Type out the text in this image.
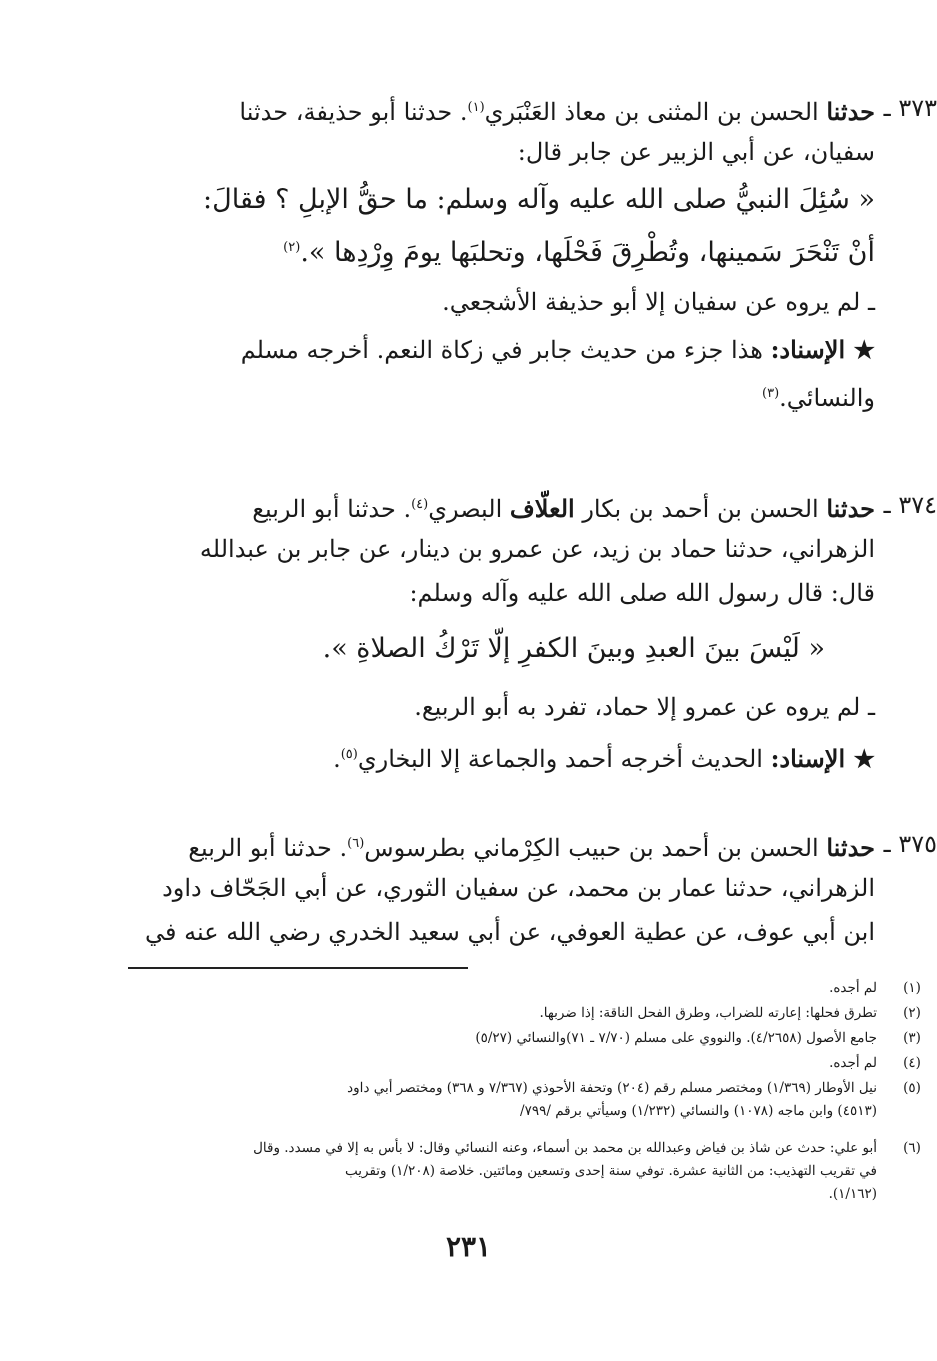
٣٧٣ ـ
حدثنا الحسن بن المثنى بن معاذ العَنْبَري$^{(١)}$. حدثنا أبو حذيفة، حدثنا
سفيان، عن أبي الزبير عن جابر قال:
« سُئِلَ النبيُّ صلى الله عليه وآله وسلم: ما حقُّ الإبلِ ؟ فقالَ:
أنْ تَنْحَرَ سَمينها، وتُطْرِقَ فَحْلَها، وتحلبَها يومَ وِرْدِها ».$^{(٢)}$
ـ لم يروه عن سفيان إلا أبو حذيفة الأشجعي.
★ الإسناد: هذا جزء من حديث جابر في زكاة النعم. أخرجه مسلم
والنسائي.$^{(٣)}$
٣٧٤ ـ
حدثنا الحسن بن أحمد بن بكار العلّاف البصري$^{(٤)}$. حدثنا أبو الربيع
الزهراني، حدثنا حماد بن زيد، عن عمرو بن دينار، عن جابر بن عبدالله
قال: قال رسول الله صلى الله عليه وآله وسلم:
« لَيْسَ بينَ العبدِ وبينَ الكفرِ إلّا تَرْكُ الصلاةِ ».
ـ لم يروه عن عمرو إلا حماد، تفرد به أبو الربيع.
★ الإسناد: الحديث أخرجه أحمد والجماعة إلا البخاري$^{(٥)}$.
٣٧٥ ـ
حدثنا الحسن بن أحمد بن حبيب الكِرْماني بطرسوس$^{(٦)}$. حدثنا أبو الربيع
الزهراني، حدثنا عمار بن محمد، عن سفيان الثوري، عن أبي الجَحّاف داود
ابن أبي عوف، عن عطية العوفي، عن أبي سعيد الخدري رضي الله عنه في
(١)
لم أجده.
(٢)
تطرق فحلها: إعارته للضراب، وطرق الفحل الناقة: إذا ضربها.
(٣)
جامع الأصول (٤/٢٦٥٨). والنووي على مسلم (٧/٧٠ ـ ٧١)والنسائي (٥/٢٧)
(٤)
لم أجده.
(٥)
نيل الأوطار (١/٣٦٩) ومختصر مسلم رقم (٢٠٤) وتحفة الأحوذي (٧/٣٦٧ و ٣٦٨) ومختصر أبي داود
(٤٥١٣) وابن ماجه (١٠٧٨) والنسائي (١/٢٣٢) وسيأتي برقم /٧٩٩/
(٦)
أبو علي: حدث عن شاذ بن فياض وعبدالله بن محمد بن أسماء، وعنه النسائي وقال: لا بأس به إلا في مسدد. وقال
في تقريب التهذيب: من الثانية عشرة. توفي سنة إحدى وتسعين ومائتين. خلاصة (١/٢٠٨) وتقريب
(١/١٦٢).
٢٣١
